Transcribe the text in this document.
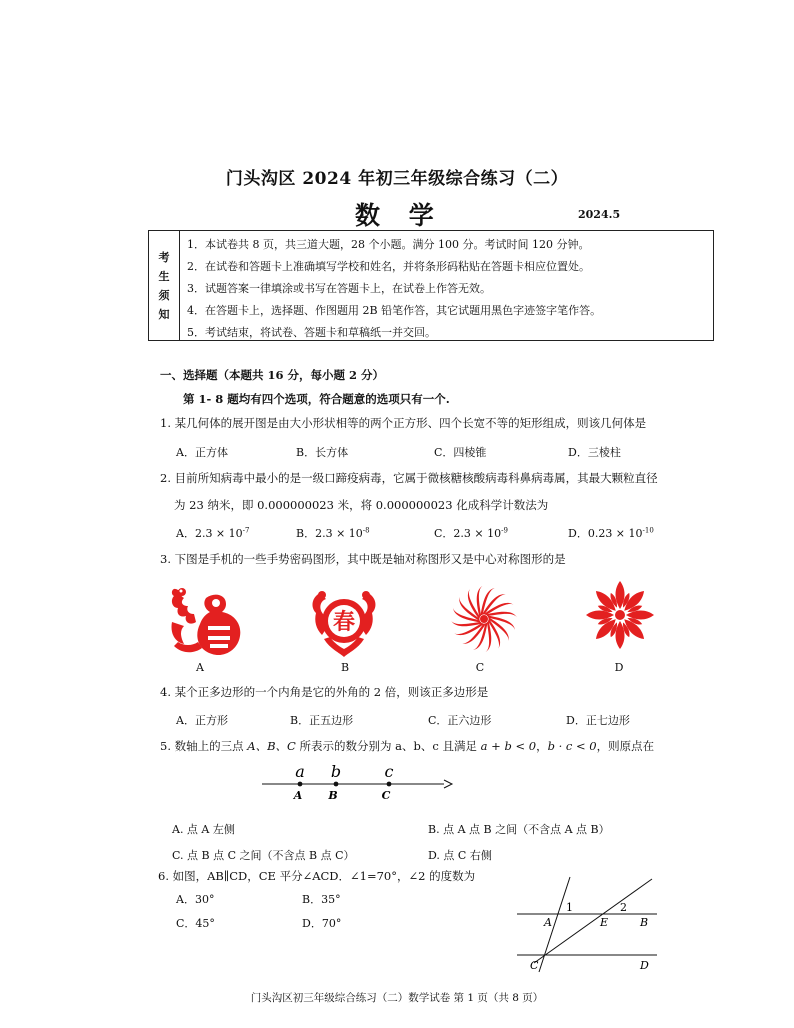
门头沟区 2024 年初三年级综合练习（二）
数 学	2024.5
考
生
须
知
1．本试卷共 8 页，共三道大题，28 个小题。满分 100 分。考试时间 120 分钟。
2．在试卷和答题卡上准确填写学校和姓名，并将条形码粘贴在答题卡相应位置处。
3．试题答案一律填涂或书写在答题卡上，在试卷上作答无效。
4．在答题卡上，选择题、作图题用 2B 铅笔作答，其它试题用黑色字迹签字笔作答。
5．考试结束，将试卷、答题卡和草稿纸一并交回。
一、选择题（本题共 16 分，每小题 2 分）
第 1- 8 题均有四个选项，符合题意的选项只有一个.
1. 某几何体的展开图是由大小形状相等的两个正方形、四个长宽不等的矩形组成，则该几何体是
A．正方体	B．长方体	C．四棱锥	D．三棱柱
2. 目前所知病毒中最小的是一级口蹄疫病毒，它属于微核糖核酸病毒科鼻病毒属，其最大颗粒直径
为 23 纳米，即 0.000000023 米，将 0.000000023 化成科学计数法为
A．$2.3 \times 10^{-7}$	B．$2.3 \times 10^{-8}$	C．$2.3 \times 10^{-9}$	D．$0.23 \times 10^{-10}$
3. 下图是手机的一些手势密码图形，其中既是轴对称图形又是中心对称图形的是
春
A	B	C	D
4. 某个正多边形的一个内角是它的外角的 2 倍，则该正多边形是
A．正方形	B．正五边形	C．正六边形	D．正七边形
5. 数轴上的三点 A、B、C 所表示的数分别为 a、b、c 且满足 a + b < 0，b · c < 0，则原点在
a b	c
A B	C
A. 点 A 左侧	B. 点 A 点 B 之间（不含点 A 点 B）
C. 点 B 点 C 之间（不含点 B 点 C）	D. 点 C 右侧
6. 如图，AB∥CD，CE 平分∠ACD．∠1=70°，∠2 的度数为
A．30°	B．35°
C．45°	D．70°
1	2
A	B
E
C	D
门头沟区初三年级综合练习（二）数学试卷 第 1 页（共 8 页）
